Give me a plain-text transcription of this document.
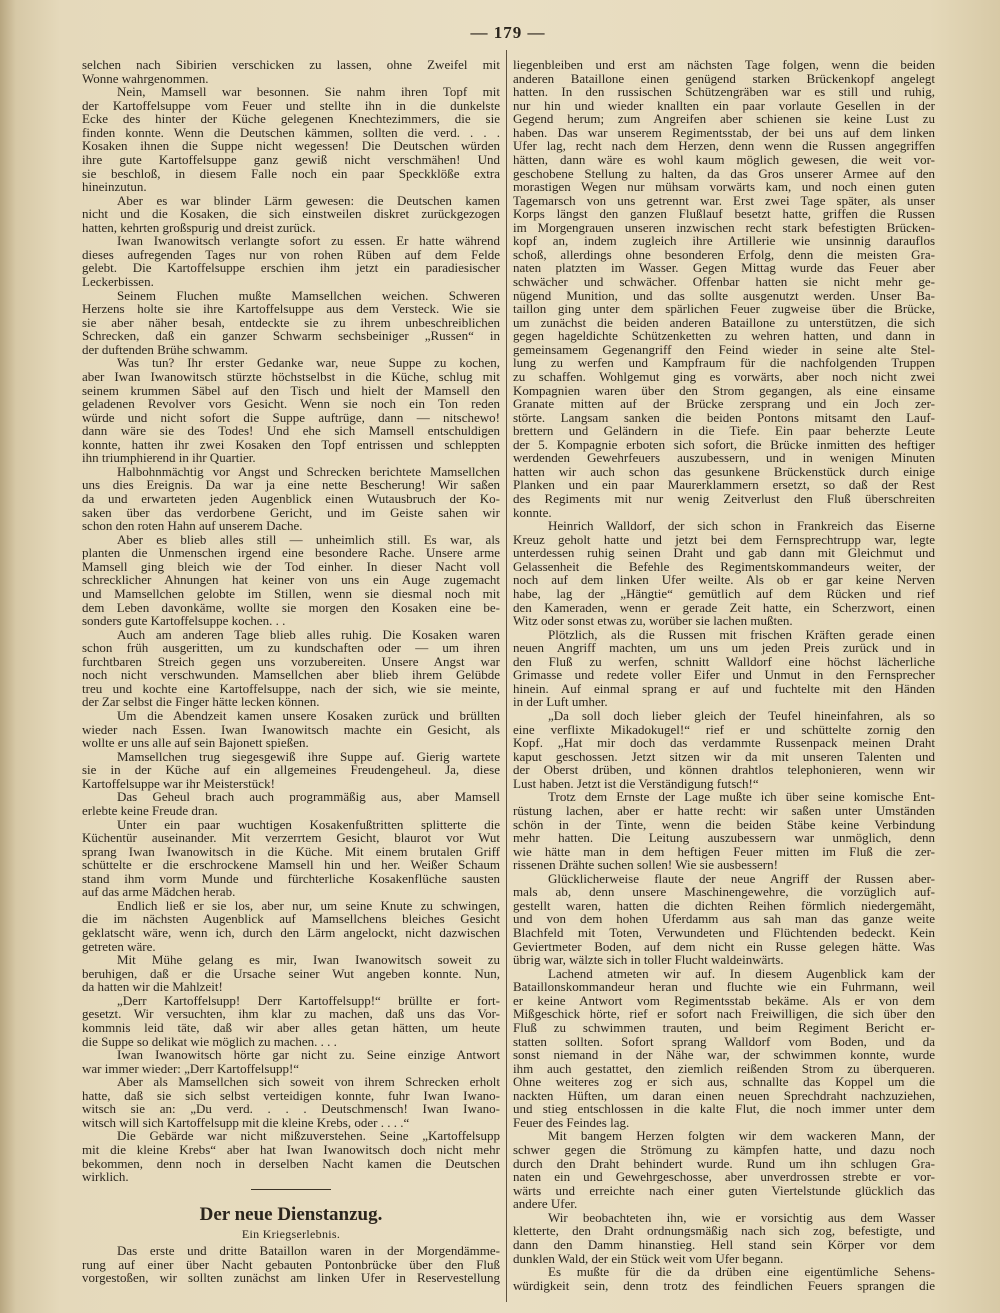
— 179 —
selchen nach Sibirien verschicken zu lassen, ohne Zweifel mit
Wonne wahrgenommen.
Nein, Mamsell war besonnen. Sie nahm ihren Topf mit
der Kartoffelsuppe vom Feuer und stellte ihn in die dunkelste
Ecke des hinter der Küche gelegenen Knechtezimmers, die sie
finden konnte. Wenn die Deutschen kämmen, sollten die verd. . . .
Kosaken ihnen die Suppe nicht wegessen! Die Deutschen würden
ihre gute Kartoffelsuppe ganz gewiß nicht verschmähen! Und
sie beschloß, in diesem Falle noch ein paar Speckklöße extra
hineinzutun.
Aber es war blinder Lärm gewesen: die Deutschen kamen
nicht und die Kosaken, die sich einstweilen diskret zurückgezogen
hatten, kehrten großspurig und dreist zurück.
Iwan Iwanowitsch verlangte sofort zu essen. Er hatte während
dieses aufregenden Tages nur von rohen Rüben auf dem Felde
gelebt. Die Kartoffelsuppe erschien ihm jetzt ein paradiesischer
Leckerbissen.
Seinem Fluchen mußte Mamsellchen weichen. Schweren
Herzens holte sie ihre Kartoffelsuppe aus dem Versteck. Wie sie
sie aber näher besah, entdeckte sie zu ihrem unbeschreiblichen
Schrecken, daß ein ganzer Schwarm sechsbeiniger „Russen“ in
der duftenden Brühe schwamm.
Was tun? Ihr erster Gedanke war, neue Suppe zu kochen,
aber Iwan Iwanowitsch stürzte höchstselbst in die Küche, schlug mit
seinem krummen Säbel auf den Tisch und hielt der Mamsell den
geladenen Revolver vors Gesicht. Wenn sie noch ein Ton reden
würde und nicht sofort die Suppe auftrüge, dann — nitschewo!
dann wäre sie des Todes! Und ehe sich Mamsell entschuldigen
konnte, hatten ihr zwei Kosaken den Topf entrissen und schleppten
ihn triumphierend in ihr Quartier.
Halbohnmächtig vor Angst und Schrecken berichtete Mamsellchen
uns dies Ereignis. Da war ja eine nette Bescherung! Wir saßen
da und erwarteten jeden Augenblick einen Wutausbruch der Ko-
saken über das verdorbene Gericht, und im Geiste sahen wir
schon den roten Hahn auf unserem Dache.
Aber es blieb alles still — unheimlich still. Es war, als
planten die Unmenschen irgend eine besondere Rache. Unsere arme
Mamsell ging bleich wie der Tod einher. In dieser Nacht voll
schrecklicher Ahnungen hat keiner von uns ein Auge zugemacht
und Mamsellchen gelobte im Stillen, wenn sie diesmal noch mit
dem Leben davonkäme, wollte sie morgen den Kosaken eine be-
sonders gute Kartoffelsuppe kochen. . .
Auch am anderen Tage blieb alles ruhig. Die Kosaken waren
schon früh ausgeritten, um zu kundschaften oder — um ihren
furchtbaren Streich gegen uns vorzubereiten. Unsere Angst war
noch nicht verschwunden. Mamsellchen aber blieb ihrem Gelübde
treu und kochte eine Kartoffelsuppe, nach der sich, wie sie meinte,
der Zar selbst die Finger hätte lecken können.
Um die Abendzeit kamen unsere Kosaken zurück und brüllten
wieder nach Essen. Iwan Iwanowitsch machte ein Gesicht, als
wollte er uns alle auf sein Bajonett spießen.
Mamsellchen trug siegesgewiß ihre Suppe auf. Gierig wartete
sie in der Küche auf ein allgemeines Freudengeheul. Ja, diese
Kartoffelsuppe war ihr Meisterstück!
Das Geheul brach auch programmäßig aus, aber Mamsell
erlebte keine Freude dran.
Unter ein paar wuchtigen Kosakenfußtritten splitterte die
Küchentür auseinander. Mit verzerrtem Gesicht, blaurot vor Wut
sprang Iwan Iwanowitsch in die Küche. Mit einem brutalen Griff
schüttelte er die erschrockene Mamsell hin und her. Weißer Schaum
stand ihm vorm Munde und fürchterliche Kosakenflüche sausten
auf das arme Mädchen herab.
Endlich ließ er sie los, aber nur, um seine Knute zu schwingen,
die im nächsten Augenblick auf Mamsellchens bleiches Gesicht
geklatscht wäre, wenn ich, durch den Lärm angelockt, nicht dazwischen
getreten wäre.
Mit Mühe gelang es mir, Iwan Iwanowitsch soweit zu
beruhigen, daß er die Ursache seiner Wut angeben konnte. Nun,
da hatten wir die Mahlzeit!
„Derr Kartoffelsupp! Derr Kartoffelsupp!“ brüllte er fort-
gesetzt. Wir versuchten, ihm klar zu machen, daß uns das Vor-
kommnis leid täte, daß wir aber alles getan hätten, um heute
die Suppe so delikat wie möglich zu machen. . . .
Iwan Iwanowitsch hörte gar nicht zu. Seine einzige Antwort
war immer wieder: „Derr Kartoffelsupp!“
Aber als Mamsellchen sich soweit von ihrem Schrecken erholt
hatte, daß sie sich selbst verteidigen konnte, fuhr Iwan Iwano-
witsch sie an: „Du verd. . . . Deutschmensch! Iwan Iwano-
witsch will sich Kartoffelsupp mit die kleine Krebs, oder . . . .“
Die Gebärde war nicht mißzuverstehen. Seine „Kartoffelsupp
mit die kleine Krebs“ aber hat Iwan Iwanowitsch doch nicht mehr
bekommen, denn noch in derselben Nacht kamen die Deutschen
wirklich.
Der neue Dienstanzug.
Ein Kriegserlebnis.
Das erste und dritte Bataillon waren in der Morgendämme-
rung auf einer über Nacht gebauten Pontonbrücke über den Fluß
vorgestoßen, wir sollten zunächst am linken Ufer in Reservestellung
liegenbleiben und erst am nächsten Tage folgen, wenn die beiden
anderen Bataillone einen genügend starken Brückenkopf angelegt
hatten. In den russischen Schützengräben war es still und ruhig,
nur hin und wieder knallten ein paar vorlaute Gesellen in der
Gegend herum; zum Angreifen aber schienen sie keine Lust zu
haben. Das war unserem Regimentsstab, der bei uns auf dem linken
Ufer lag, recht nach dem Herzen, denn wenn die Russen angegriffen
hätten, dann wäre es wohl kaum möglich gewesen, die weit vor-
geschobene Stellung zu halten, da das Gros unserer Armee auf den
morastigen Wegen nur mühsam vorwärts kam, und noch einen guten
Tagemarsch von uns getrennt war. Erst zwei Tage später, als unser
Korps längst den ganzen Flußlauf besetzt hatte, griffen die Russen
im Morgengrauen unseren inzwischen recht stark befestigten Brücken-
kopf an, indem zugleich ihre Artillerie wie unsinnig darauflos
schoß, allerdings ohne besonderen Erfolg, denn die meisten Gra-
naten platzten im Wasser. Gegen Mittag wurde das Feuer aber
schwächer und schwächer. Offenbar hatten sie nicht mehr ge-
nügend Munition, und das sollte ausgenutzt werden. Unser Ba-
taillon ging unter dem spärlichen Feuer zugweise über die Brücke,
um zunächst die beiden anderen Bataillone zu unterstützen, die sich
gegen hageldichte Schützenketten zu wehren hatten, und dann in
gemeinsamem Gegenangriff den Feind wieder in seine alte Stel-
lung zu werfen und Kampfraum für die nachfolgenden Truppen
zu schaffen. Wohlgemut ging es vorwärts, aber noch nicht zwei
Kompagnien waren über den Strom gegangen, als eine einsame
Granate mitten auf der Brücke zersprang und ein Joch zer-
störte. Langsam sanken die beiden Pontons mitsamt den Lauf-
brettern und Geländern in die Tiefe. Ein paar beherzte Leute
der 5. Kompagnie erboten sich sofort, die Brücke inmitten des heftiger
werdenden Gewehrfeuers auszubessern, und in wenigen Minuten
hatten wir auch schon das gesunkene Brückenstück durch einige
Planken und ein paar Maurerklammern ersetzt, so daß der Rest
des Regiments mit nur wenig Zeitverlust den Fluß überschreiten
konnte.
Heinrich Walldorf, der sich schon in Frankreich das Eiserne
Kreuz geholt hatte und jetzt bei dem Fernsprechtrupp war, legte
unterdessen ruhig seinen Draht und gab dann mit Gleichmut und
Gelassenheit die Befehle des Regimentskommandeurs weiter, der
noch auf dem linken Ufer weilte. Als ob er gar keine Nerven
habe, lag der „Hängtie“ gemütlich auf dem Rücken und rief
den Kameraden, wenn er gerade Zeit hatte, ein Scherzwort, einen
Witz oder sonst etwas zu, worüber sie lachen mußten.
Plötzlich, als die Russen mit frischen Kräften gerade einen
neuen Angriff machten, um uns um jeden Preis zurück und in
den Fluß zu werfen, schnitt Walldorf eine höchst lächerliche
Grimasse und redete voller Eifer und Unmut in den Fernsprecher
hinein. Auf einmal sprang er auf und fuchtelte mit den Händen
in der Luft umher.
„Da soll doch lieber gleich der Teufel hineinfahren, als so
eine verflixte Mikadokugel!“ rief er und schüttelte zornig den
Kopf. „Hat mir doch das verdammte Russenpack meinen Draht
kaput geschossen. Jetzt sitzen wir da mit unseren Talenten und
der Oberst drüben, und können drahtlos telephonieren, wenn wir
Lust haben. Jetzt ist die Verständigung futsch!“
Trotz dem Ernste der Lage mußte ich über seine komische Ent-
rüstung lachen, aber er hatte recht: wir saßen unter Umständen
schön in der Tinte, wenn die beiden Stäbe keine Verbindung
mehr hatten. Die Leitung auszubessern war unmöglich, denn
wie hätte man in dem heftigen Feuer mitten im Fluß die zer-
rissenen Drähte suchen sollen! Wie sie ausbessern!
Glücklicherweise flaute der neue Angriff der Russen aber-
mals ab, denn unsere Maschinengewehre, die vorzüglich auf-
gestellt waren, hatten die dichten Reihen förmlich niedergemäht,
und von dem hohen Uferdamm aus sah man das ganze weite
Blachfeld mit Toten, Verwundeten und Flüchtenden bedeckt. Kein
Geviertmeter Boden, auf dem nicht ein Russe gelegen hätte. Was
übrig war, wälzte sich in toller Flucht waldeinwärts.
Lachend atmeten wir auf. In diesem Augenblick kam der
Bataillonskommandeur heran und fluchte wie ein Fuhrmann, weil
er keine Antwort vom Regimentsstab bekäme. Als er von dem
Mißgeschick hörte, rief er sofort nach Freiwilligen, die sich über den
Fluß zu schwimmen trauten, und beim Regiment Bericht er-
statten sollten. Sofort sprang Walldorf vom Boden, und da
sonst niemand in der Nähe war, der schwimmen konnte, wurde
ihm auch gestattet, den ziemlich reißenden Strom zu überqueren.
Ohne weiteres zog er sich aus, schnallte das Koppel um die
nackten Hüften, um daran einen neuen Sprechdraht nachzuziehen,
und stieg entschlossen in die kalte Flut, die noch immer unter dem
Feuer des Feindes lag.
Mit bangem Herzen folgten wir dem wackeren Mann, der
schwer gegen die Strömung zu kämpfen hatte, und dazu noch
durch den Draht behindert wurde. Rund um ihn schlugen Gra-
naten ein und Gewehrgeschosse, aber unverdrossen strebte er vor-
wärts und erreichte nach einer guten Viertelstunde glücklich das
andere Ufer.
Wir beobachteten ihn, wie er vorsichtig aus dem Wasser
kletterte, den Draht ordnungsmäßig nach sich zog, befestigte, und
dann den Damm hinanstieg. Hell stand sein Körper vor dem
dunklen Wald, der ein Stück weit vom Ufer begann.
Es mußte für die da drüben eine eigentümliche Sehens-
würdigkeit sein, denn trotz des feindlichen Feuers sprangen die
